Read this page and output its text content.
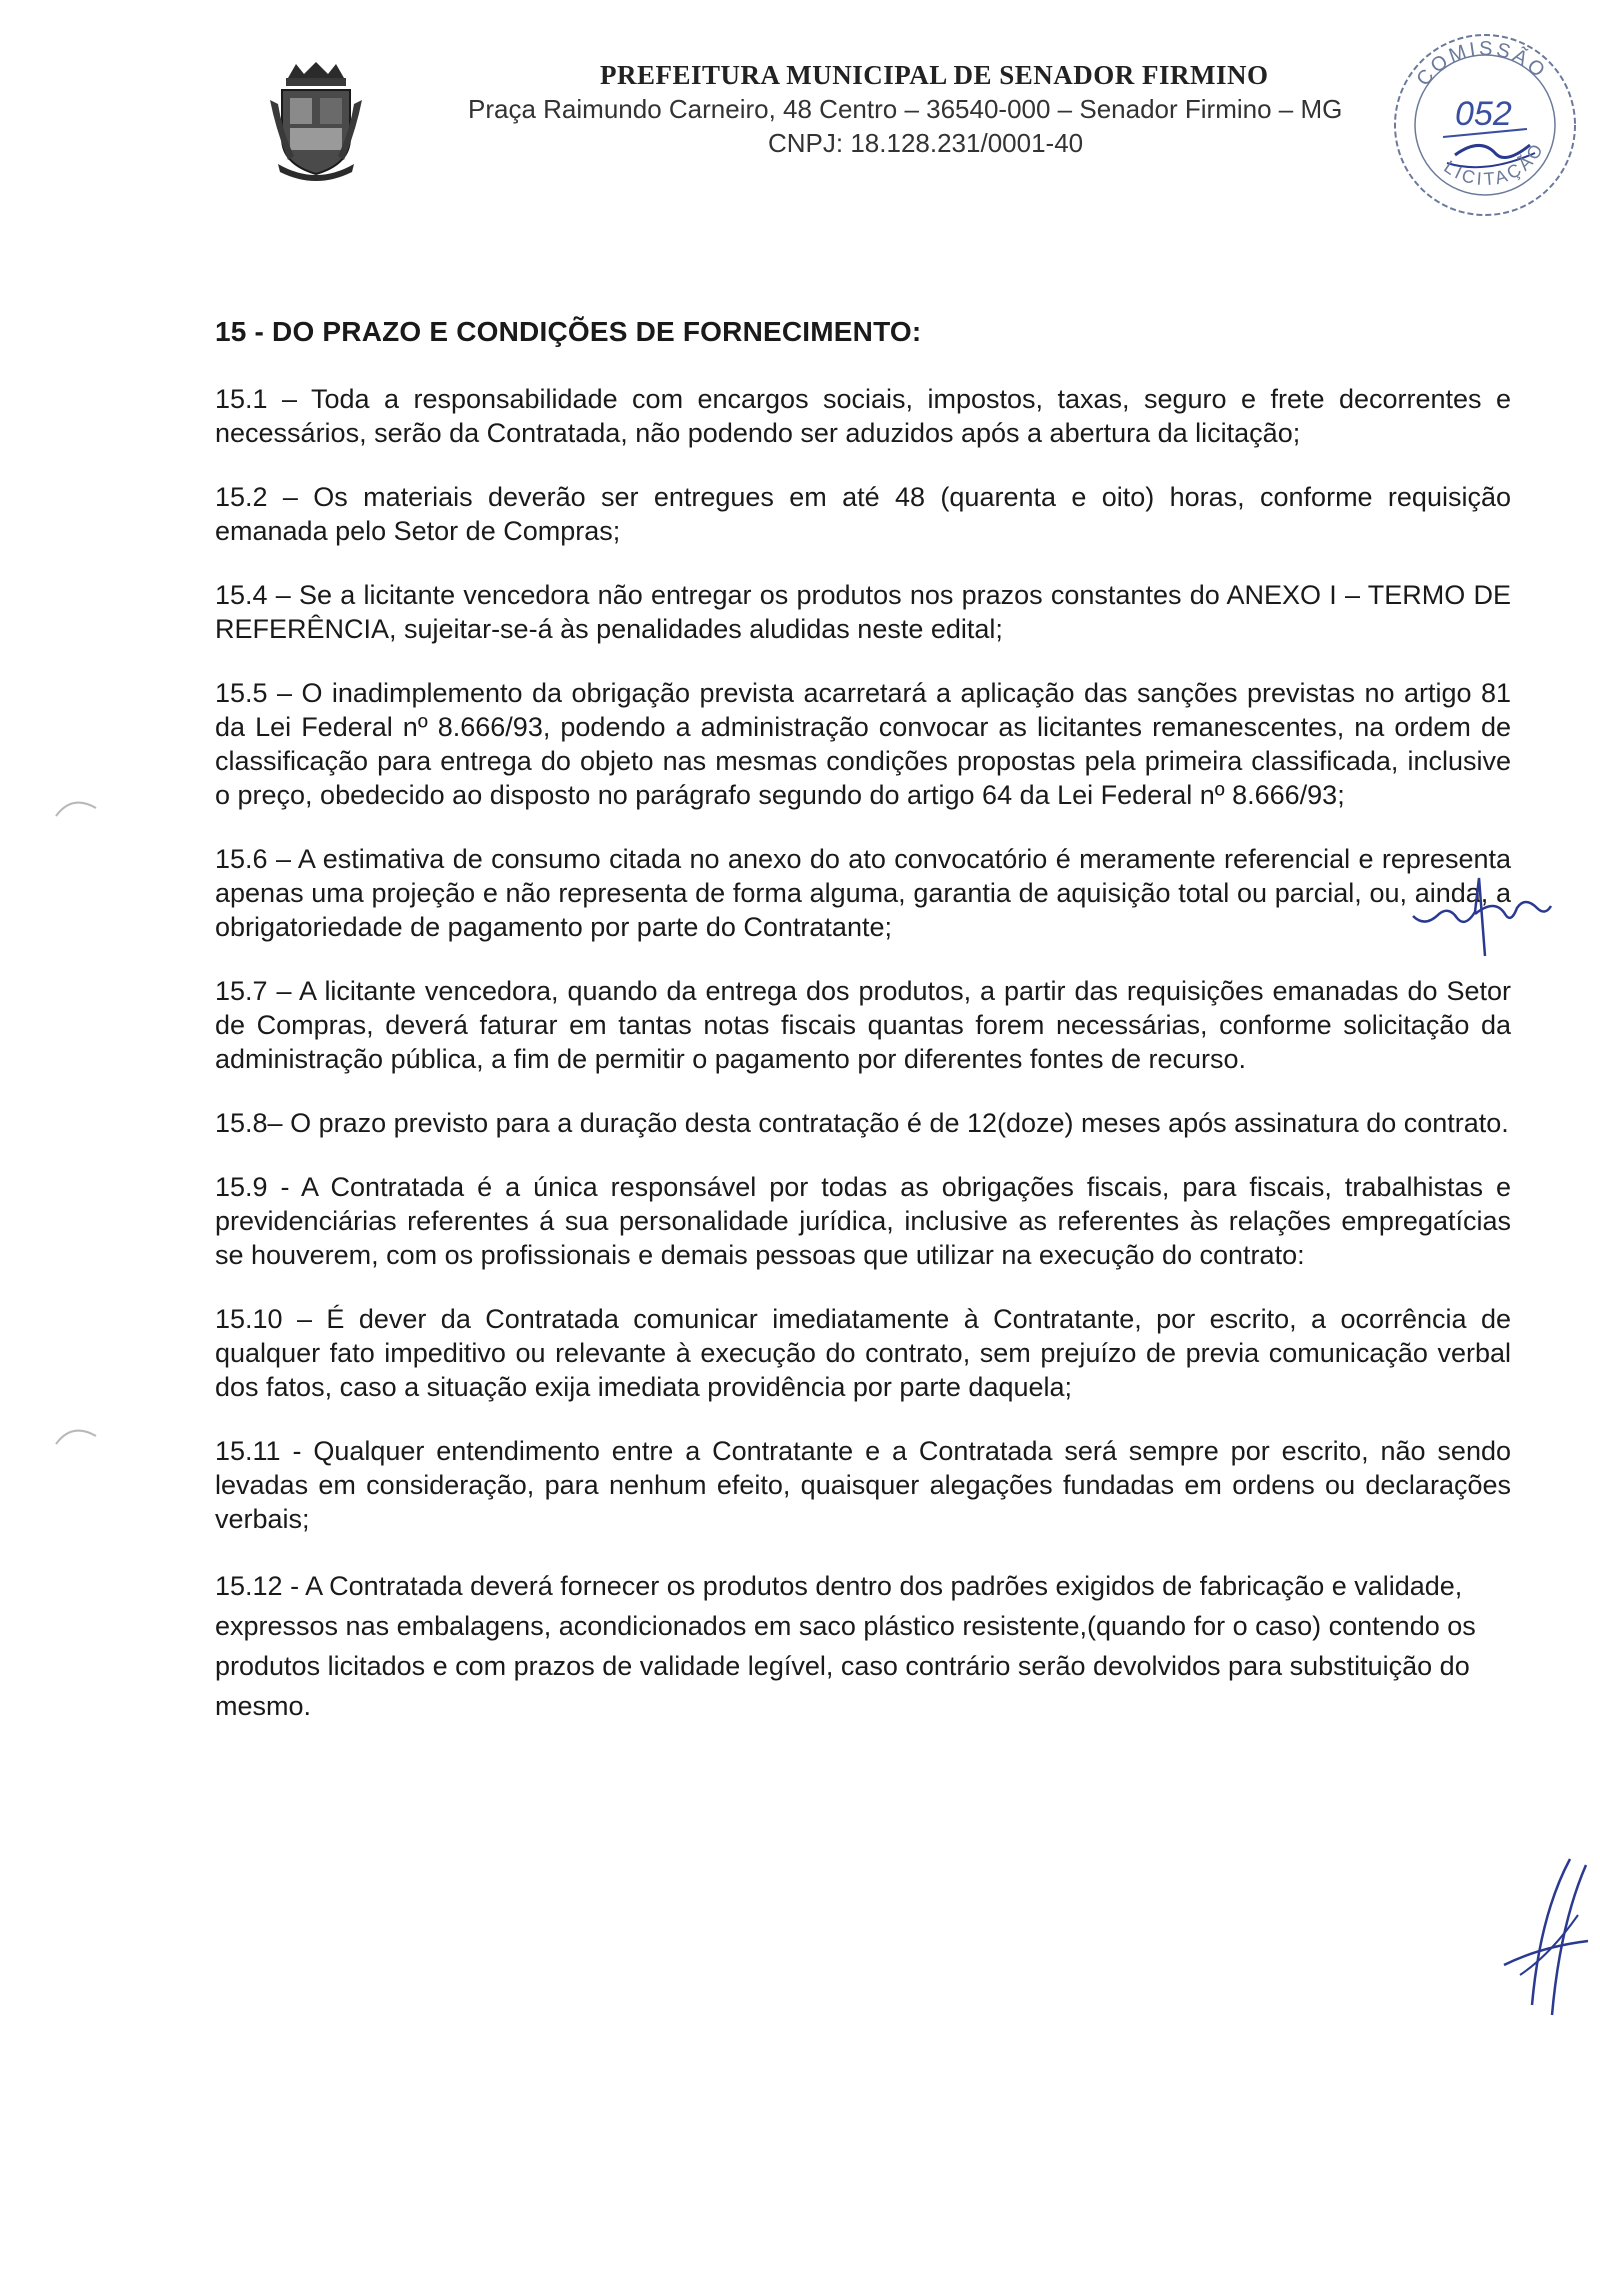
PREFEITURA MUNICIPAL DE SENADOR FIRMINO
Praça Raimundo Carneiro, 48 Centro – 36540-000 – Senador Firmino – MG
CNPJ: 18.128.231/0001-40
COMISSÃO
052
LICITAÇÃO
15 - DO PRAZO E CONDIÇÕES DE FORNECIMENTO:

15.1 – Toda a responsabilidade com encargos sociais, impostos, taxas, seguro e frete decorrentes e necessários, serão da Contratada, não podendo ser aduzidos após a abertura da licitação;

15.2 – Os materiais deverão ser entregues em até 48 (quarenta e oito) horas, conforme requisição emanada pelo Setor de Compras;

15.4 – Se a licitante vencedora não entregar os produtos nos prazos constantes do ANEXO I – TERMO DE REFERÊNCIA, sujeitar-se-á às penalidades aludidas neste edital;

15.5 – O inadimplemento da obrigação prevista acarretará a aplicação das sanções previstas no artigo 81 da Lei Federal nº 8.666/93, podendo a administração convocar as licitantes remanescentes, na ordem de classificação para entrega do objeto nas mesmas condições propostas pela primeira classificada, inclusive o preço, obedecido ao disposto no parágrafo segundo do artigo 64 da Lei Federal nº 8.666/93;

15.6 – A estimativa de consumo citada no anexo do ato convocatório é meramente referencial e representa apenas uma projeção e não representa de forma alguma, garantia de aquisição total ou parcial, ou, ainda, a obrigatoriedade de pagamento por parte do Contratante;

15.7 – A licitante vencedora, quando da entrega dos produtos, a partir das requisições emanadas do Setor de Compras, deverá faturar em tantas notas fiscais quantas forem necessárias, conforme solicitação da administração pública, a fim de permitir o pagamento por diferentes fontes de recurso.

15.8– O prazo previsto para a duração desta contratação é de 12(doze) meses após assinatura do contrato.

15.9 - A Contratada é a única responsável por todas as obrigações fiscais, para fiscais, trabalhistas e previdenciárias referentes á sua personalidade jurídica, inclusive as referentes às relações empregatícias se houverem, com os profissionais e demais pessoas que utilizar na execução do contrato:

15.10 – É dever da Contratada comunicar imediatamente à Contratante, por escrito, a ocorrência de qualquer fato impeditivo ou relevante à execução do contrato, sem prejuízo de previa comunicação verbal dos fatos, caso a situação exija imediata providência por parte daquela;

15.11 - Qualquer entendimento entre a Contratante e a Contratada será sempre por escrito, não sendo levadas em consideração, para nenhum efeito, quaisquer alegações fundadas em ordens ou declarações verbais;

15.12 - A Contratada deverá fornecer os produtos dentro dos padrões exigidos de fabricação e validade, expressos nas embalagens, acondicionados em saco plástico resistente,(quando for o caso) contendo os produtos licitados e com prazos de validade legível, caso contrário serão devolvidos para substituição do mesmo.
